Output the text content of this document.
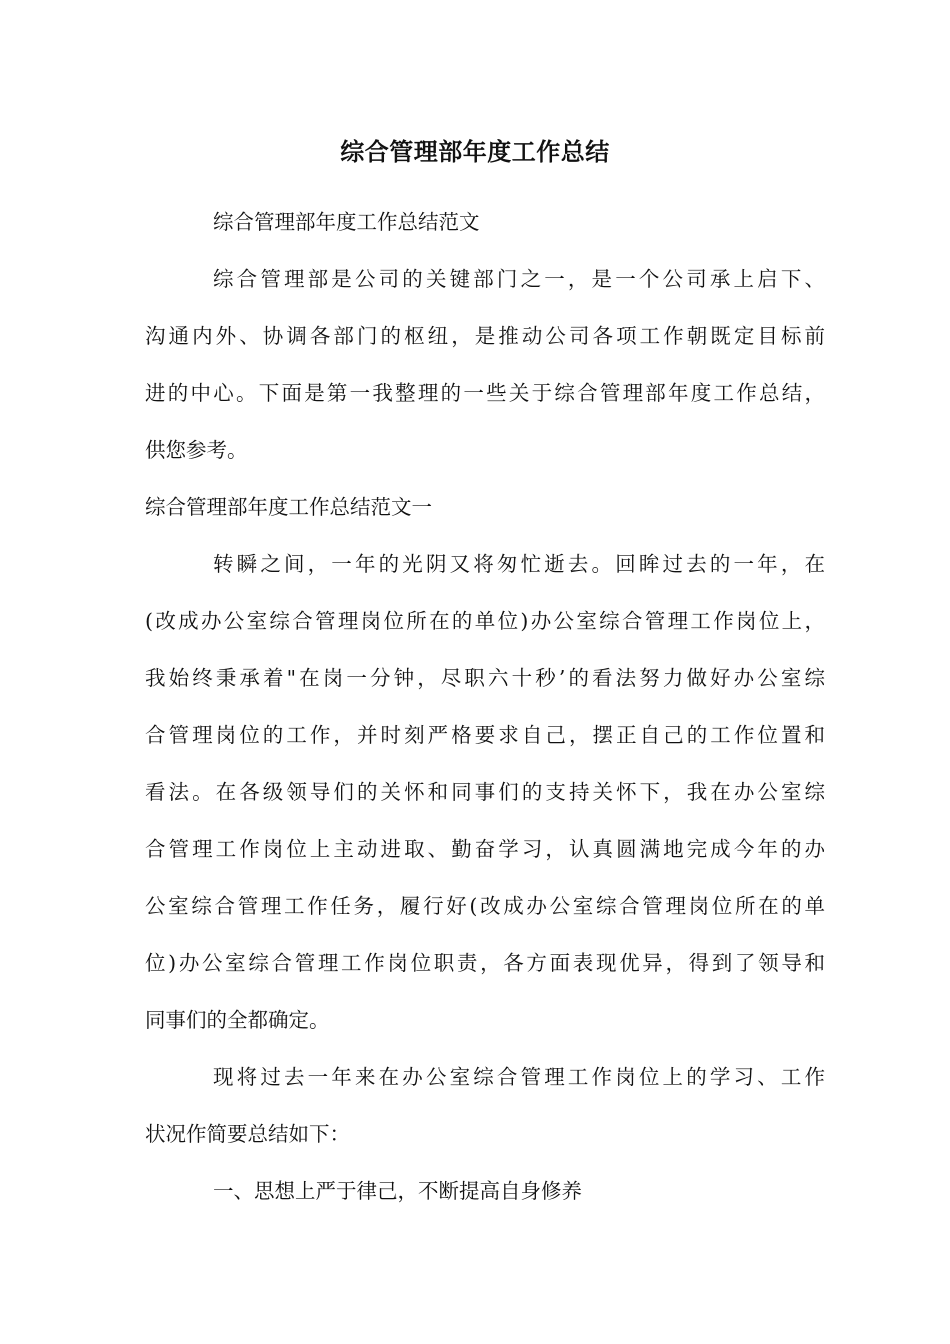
综合管理部年度工作总结
综合管理部年度工作总结范文
综合管理部是公司的关键部门之一，是一个公司承上启下、
沟通内外、协调各部门的枢纽，是推动公司各项工作朝既定目标前
进的中心。下面是第一我整理的一些关于综合管理部年度工作总结，
供您参考。
综合管理部年度工作总结范文一
转瞬之间，一年的光阴又将匆忙逝去。回眸过去的一年，在
(改成办公室综合管理岗位所在的单位)办公室综合管理工作岗位上，
我始终秉承着"在岗一分钟，尽职六十秒’的看法努力做好办公室综
合管理岗位的工作，并时刻严格要求自己，摆正自己的工作位置和
看法。在各级领导们的关怀和同事们的支持关怀下，我在办公室综
合管理工作岗位上主动进取、勤奋学习，认真圆满地完成今年的办
公室综合管理工作任务，履行好(改成办公室综合管理岗位所在的单
位)办公室综合管理工作岗位职责，各方面表现优异，得到了领导和
同事们的全都确定。
现将过去一年来在办公室综合管理工作岗位上的学习、工作
状况作简要总结如下：
一、思想上严于律己，不断提高自身修养
